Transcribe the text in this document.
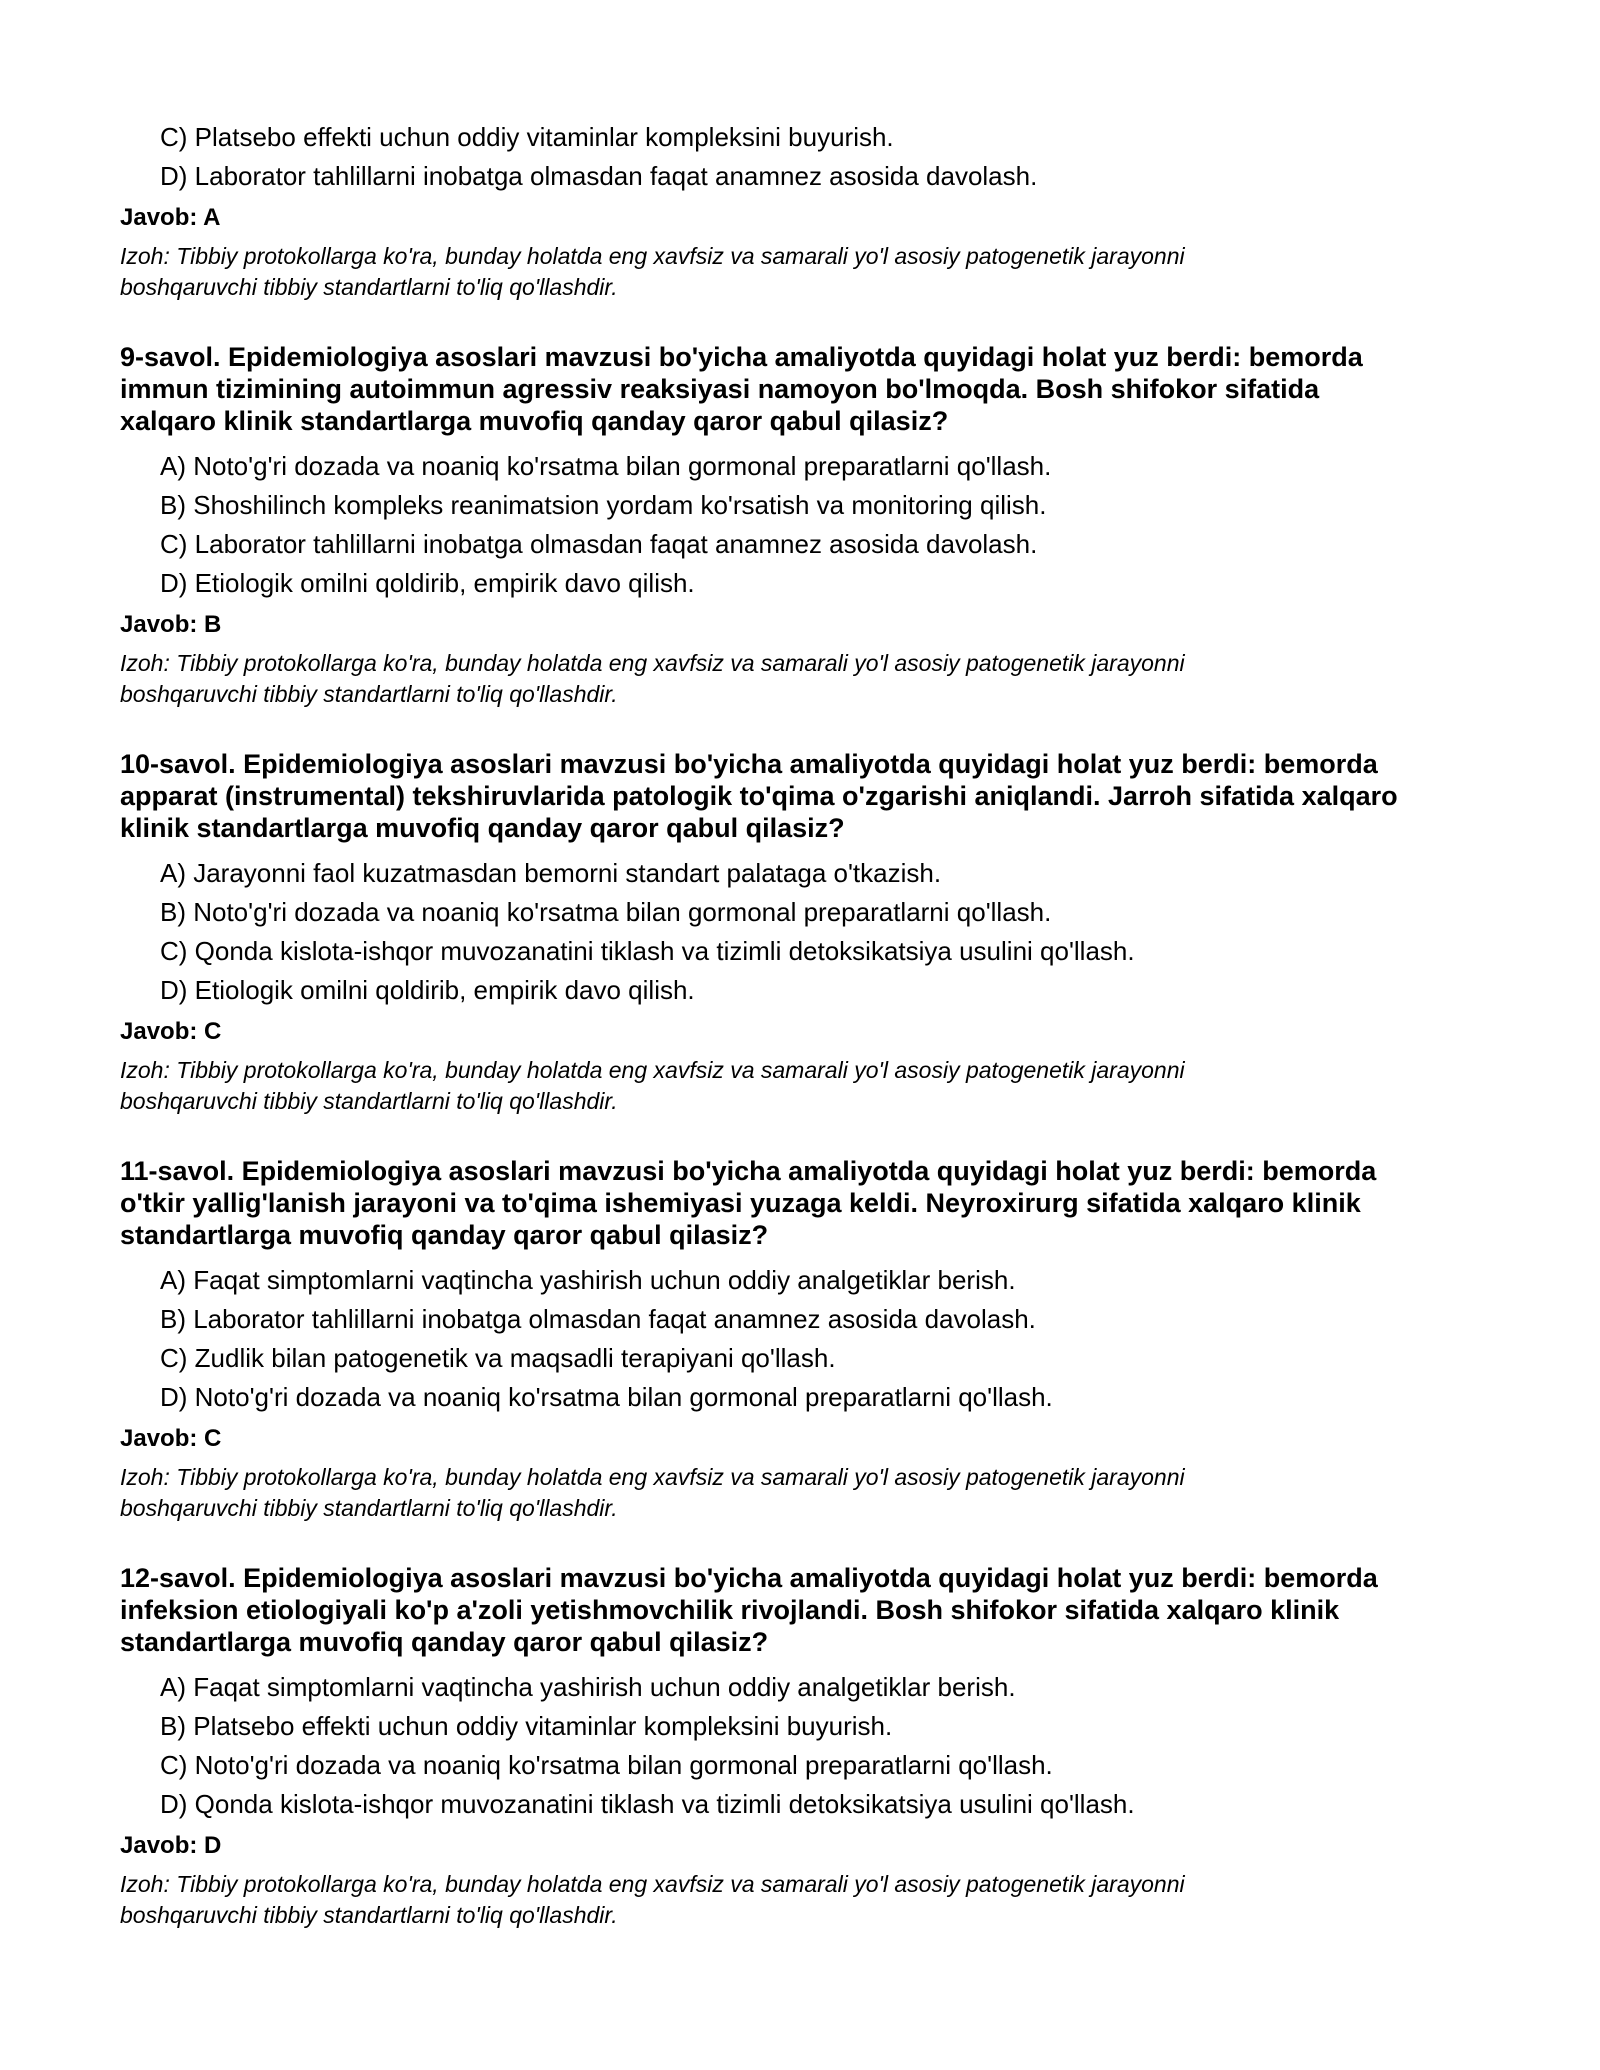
C) Platsebo effekti uchun oddiy vitaminlar kompleksini buyurish.
D) Laborator tahlillarni inobatga olmasdan faqat anamnez asosida davolash.
Javob: A
Izoh: Tibbiy protokollarga ko'ra, bunday holatda eng xavfsiz va samarali yo'l asosiy patogenetik jarayonni
boshqaruvchi tibbiy standartlarni to'liq qo'llashdir.
9-savol. Epidemiologiya asoslari mavzusi bo'yicha amaliyotda quyidagi holat yuz berdi: bemorda
immun tizimining autoimmun agressiv reaksiyasi namoyon bo'lmoqda. Bosh shifokor sifatida
xalqaro klinik standartlarga muvofiq qanday qaror qabul qilasiz?
A) Noto'g'ri dozada va noaniq ko'rsatma bilan gormonal preparatlarni qo'llash.
B) Shoshilinch kompleks reanimatsion yordam ko'rsatish va monitoring qilish.
C) Laborator tahlillarni inobatga olmasdan faqat anamnez asosida davolash.
D) Etiologik omilni qoldirib, empirik davo qilish.
Javob: B
Izoh: Tibbiy protokollarga ko'ra, bunday holatda eng xavfsiz va samarali yo'l asosiy patogenetik jarayonni
boshqaruvchi tibbiy standartlarni to'liq qo'llashdir.
10-savol. Epidemiologiya asoslari mavzusi bo'yicha amaliyotda quyidagi holat yuz berdi: bemorda
apparat (instrumental) tekshiruvlarida patologik to'qima o'zgarishi aniqlandi. Jarroh sifatida xalqaro
klinik standartlarga muvofiq qanday qaror qabul qilasiz?
A) Jarayonni faol kuzatmasdan bemorni standart palataga o'tkazish.
B) Noto'g'ri dozada va noaniq ko'rsatma bilan gormonal preparatlarni qo'llash.
C) Qonda kislota-ishqor muvozanatini tiklash va tizimli detoksikatsiya usulini qo'llash.
D) Etiologik omilni qoldirib, empirik davo qilish.
Javob: C
Izoh: Tibbiy protokollarga ko'ra, bunday holatda eng xavfsiz va samarali yo'l asosiy patogenetik jarayonni
boshqaruvchi tibbiy standartlarni to'liq qo'llashdir.
11-savol. Epidemiologiya asoslari mavzusi bo'yicha amaliyotda quyidagi holat yuz berdi: bemorda
o'tkir yallig'lanish jarayoni va to'qima ishemiyasi yuzaga keldi. Neyroxirurg sifatida xalqaro klinik
standartlarga muvofiq qanday qaror qabul qilasiz?
A) Faqat simptomlarni vaqtincha yashirish uchun oddiy analgetiklar berish.
B) Laborator tahlillarni inobatga olmasdan faqat anamnez asosida davolash.
C) Zudlik bilan patogenetik va maqsadli terapiyani qo'llash.
D) Noto'g'ri dozada va noaniq ko'rsatma bilan gormonal preparatlarni qo'llash.
Javob: C
Izoh: Tibbiy protokollarga ko'ra, bunday holatda eng xavfsiz va samarali yo'l asosiy patogenetik jarayonni
boshqaruvchi tibbiy standartlarni to'liq qo'llashdir.
12-savol. Epidemiologiya asoslari mavzusi bo'yicha amaliyotda quyidagi holat yuz berdi: bemorda
infeksion etiologiyali ko'p a'zoli yetishmovchilik rivojlandi. Bosh shifokor sifatida xalqaro klinik
standartlarga muvofiq qanday qaror qabul qilasiz?
A) Faqat simptomlarni vaqtincha yashirish uchun oddiy analgetiklar berish.
B) Platsebo effekti uchun oddiy vitaminlar kompleksini buyurish.
C) Noto'g'ri dozada va noaniq ko'rsatma bilan gormonal preparatlarni qo'llash.
D) Qonda kislota-ishqor muvozanatini tiklash va tizimli detoksikatsiya usulini qo'llash.
Javob: D
Izoh: Tibbiy protokollarga ko'ra, bunday holatda eng xavfsiz va samarali yo'l asosiy patogenetik jarayonni
boshqaruvchi tibbiy standartlarni to'liq qo'llashdir.
